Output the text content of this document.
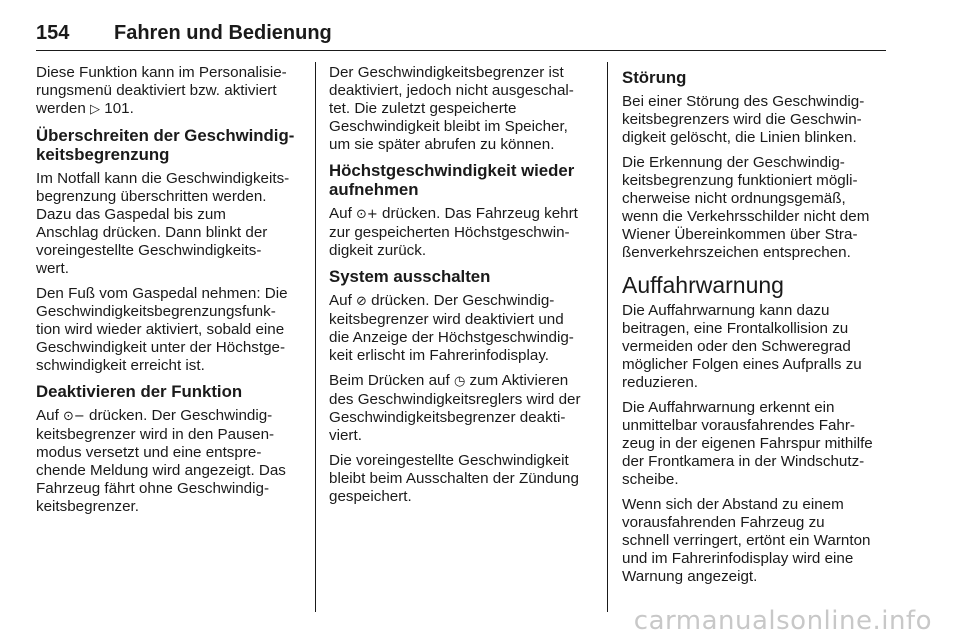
154 Fahren und Bedienung

Diese Funktion kann im Personalisie-
rungsmenü deaktiviert bzw. aktiviert
werden ▷ 101.

Überschreiten der Geschwindig-
keitsbegrenzung

Im Notfall kann die Geschwindigkeits-
begrenzung überschritten werden.
Dazu das Gaspedal bis zum
Anschlag drücken. Dann blinkt der
voreingestellte Geschwindigkeits-
wert.

Den Fuß vom Gaspedal nehmen: Die
Geschwindigkeitsbegrenzungsfunk-
tion wird wieder aktiviert, sobald eine
Geschwindigkeit unter der Höchstge-
schwindigkeit erreicht ist.

Deaktivieren der Funktion

Auf ⊙− drücken. Der Geschwindig-
keitsbegrenzer wird in den Pausen-
modus versetzt und eine entspre-
chende Meldung wird angezeigt. Das
Fahrzeug fährt ohne Geschwindig-
keitsbegrenzer.

Der Geschwindigkeitsbegrenzer ist
deaktiviert, jedoch nicht ausgeschal-
tet. Die zuletzt gespeicherte
Geschwindigkeit bleibt im Speicher,
um sie später abrufen zu können.

Höchstgeschwindigkeit wieder
aufnehmen

Auf ⊙+ drücken. Das Fahrzeug kehrt
zur gespeicherten Höchstgeschwin-
digkeit zurück.

System ausschalten

Auf ⊘ drücken. Der Geschwindig-
keitsbegrenzer wird deaktiviert und
die Anzeige der Höchstgeschwindig-
keit erlischt im Fahrerinfodisplay.

Beim Drücken auf ◷ zum Aktivieren
des Geschwindigkeitsreglers wird der
Geschwindigkeitsbegrenzer deakti-
viert.

Die voreingestellte Geschwindigkeit
bleibt beim Ausschalten der Zündung
gespeichert.

Störung

Bei einer Störung des Geschwindig-
keitsbegrenzers wird die Geschwin-
digkeit gelöscht, die Linien blinken.

Die Erkennung der Geschwindig-
keitsbegrenzung funktioniert mögli-
cherweise nicht ordnungsgemäß,
wenn die Verkehrsschilder nicht dem
Wiener Übereinkommen über Stra-
ßenverkehrszeichen entsprechen.

Auffahrwarnung

Die Auffahrwarnung kann dazu
beitragen, eine Frontalkollision zu
vermeiden oder den Schweregrad
möglicher Folgen eines Aufpralls zu
reduzieren.

Die Auffahrwarnung erkennt ein
unmittelbar vorausfahrendes Fahr-
zeug in der eigenen Fahrspur mithilfe
der Frontkamera in der Windschutz-
scheibe.

Wenn sich der Abstand zu einem
vorausfahrenden Fahrzeug zu
schnell verringert, ertönt ein Warnton
und im Fahrerinfodisplay wird eine
Warnung angezeigt.

carmanualsonline.info
